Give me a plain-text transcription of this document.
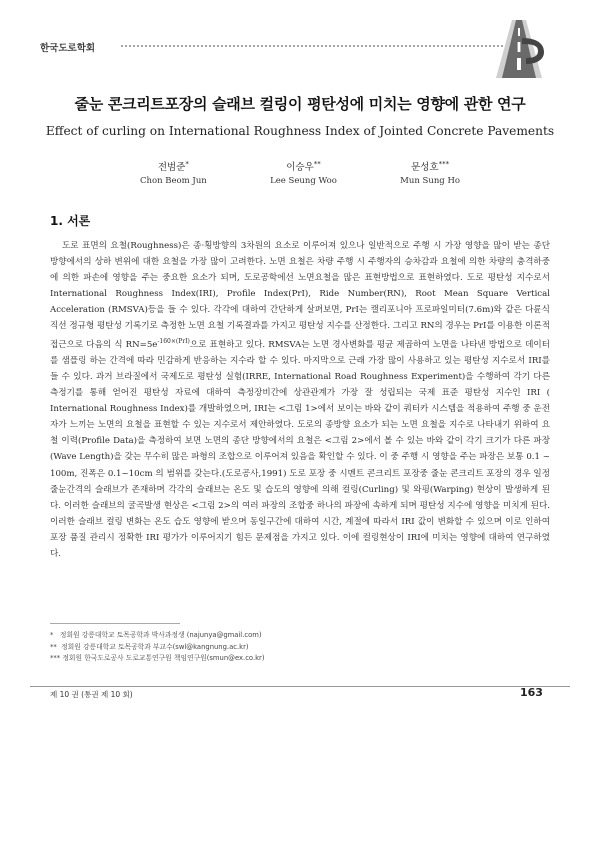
한국도로학회
줄눈 콘크리트포장의 슬래브 컬링이 평탄성에 미치는 영향에 관한 연구
Effect of curling on International Roughness Index of Jointed Concrete Pavements
전범준*
Chon Beom Jun
이승우**
Lee Seung Woo
문성호***
Mun Sung Ho
1. 서론
도로 표면의 요철(Roughness)은 종·횡방향의 3차원의 요소로 이루어져 있으나 일반적으로 주행 시 가장 영향을 많이 받는 종단 방향에서의 상하 변위에 대한 요철을 가장 많이 고려한다. 노면 요철은 차량 주행 시 주행자의 승차감과 요철에 의한 차량의 충격하중에 의한 파손에 영향을 주는 중요한 요소가 되며, 도로공학에선 노면요철을 많은 표현방법으로 표현하였다. 도로 평탄성 지수로서 International Roughness Index(IRI), Profile Index(PrI), Ride Number(RN), Root Mean Square Vertical Acceleration (RMSVA)등을 들 수 있다. 각각에 대하여 간단하게 살펴보면, PrI는 캘리포니아 프로파일미터(7.6m)와 같은 다륜식 직선 정규형 평탄성 기록기로 측정한 노면 요철 기록결과를 가지고 평탄성 지수를 산정한다. 그리고 RN의 경우는 PrI를 이용한 이론적 접근으로 다음의 식 $RN=5e^{-160\times(PrI)}$으로 표현하고 있다. RMSVA는 노면 경사변화를 평균 제곱하여 노면을 나타낸 방법으로 데이터를 샘플링 하는 간격에 따라 민감하게 반응하는 지수라 할 수 있다. 마지막으로 근래 가장 많이 사용하고 있는 평탄성 지수로서 IRI를 들 수 있다. 과거 브라질에서 국제도로 평탄성 실험(IRRE, International Road Roughness Experiment)을 수행하여 각기 다른 측정기를 통해 얻어진 평탄성 자료에 대하여 측정장비간에 상관관계가 가장 잘 성립되는 국제 표준 평탄성 지수인 IRI ( International Roughness Index)를 개발하였으며, IRI는 <그림 1>에서 보이는 바와 같이 쿼터카 시스템을 적용하여 주행 중 운전자가 느끼는 노면의 요철을 표현할 수 있는 지수로서 제안하였다. 도로의 종방향 요소가 되는 노면 요철을 지수로 나타내기 위하여 요철 이력(Profile Data)을 측정하여 보면 노면의 종단 방향에서의 요철은 <그림 2>에서 볼 수 있는 바와 같이 각기 크기가 다른 파장(Wave Length)을 갖는 무수히 많은 파형의 조합으로 이루어져 있음을 확인할 수 있다. 이 중 주행 시 영향을 주는 파장은 보통 0.1 ~ 100m, 진폭은 0.1~10cm 의 범위를 갖는다.(도로공사,1991) 도로 포장 중 시멘트 콘크리트 포장중 줄눈 콘크리트 포장의 경우 일정 줄눈간격의 슬래브가 존재하며 각각의 슬래브는 온도 및 습도의 영향에 의해 컬링(Curling) 및 와핑(Warping) 현상이 발생하게 된다. 이러한 슬래브의 굴곡발생 현상은 <그림 2>의 여러 파장의 조합중 하나의 파장에 속하게 되며 평탄성 지수에 영향을 미치게 된다. 이러한 슬래브 컬링 변화는 온도 습도 영향에 받으며 동일구간에 대하여 시간, 계절에 따라서 IRI 값이 변화할 수 있으며 이로 인하여 포장 품질 관리시 정확한 IRI 평가가 이루어지기 힘든 문제점을 가지고 있다. 이에 컬링현상이 IRI에 미치는 영향에 대하여 연구하였다.
*   정회원 강릉대학교 토목공학과 박사과정생 (najunya@gmail.com)
**  정회원 강릉대학교 토목공학과 부교수(swl@kangnung.ac.kr)
*** 정회원 한국도로공사 도로교통연구원 책임연구원(smun@ex.co.kr)
제 10 권 (통권 제 10 회)	163
